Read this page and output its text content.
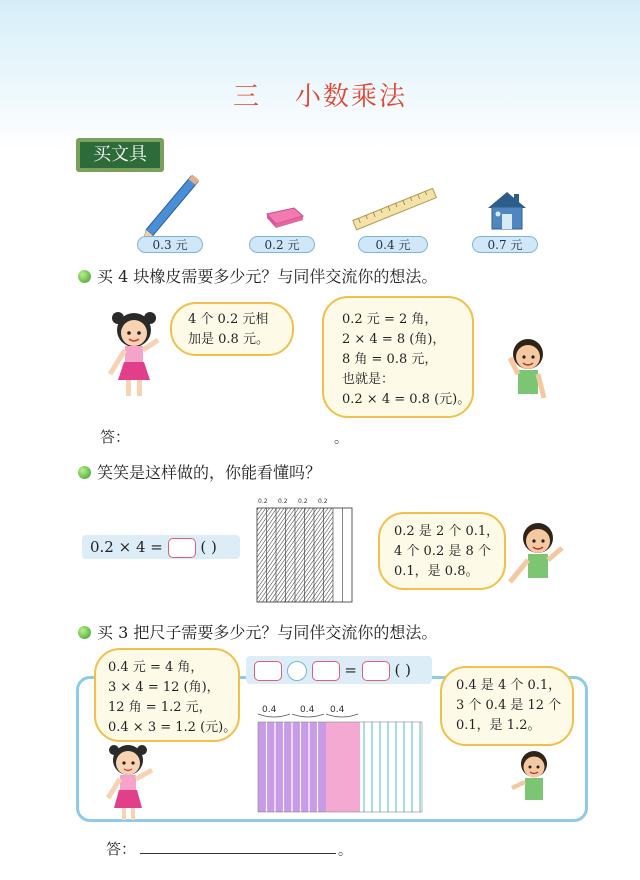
三 小数乘法
买文具
0.3 元	0.2 元	0.4 元	0.7 元
买 4 块橡皮需要多少元？与同伴交流你的想法。
4 个 0.2 元相
加是 0.8 元。
0.2 元 = 2 角，
2 × 4 = 8 (角)，
8 角 = 0.8 元，
也就是：
0.2 × 4 = 0.8 (元)。
答：	。
笑笑是这样做的，你能看懂吗？
0.2 × 4 =	( )
0.2 0.2 0.2 0.2
0.2 是 2 个 0.1，
4 个 0.2 是 8 个
0.1，是 0.8。
买 3 把尺子需要多少元？与同伴交流你的想法。
0.4 元 = 4 角，
3 × 4 = 12 (角)，
12 角 = 1.2 元，
0.4 × 3 = 1.2 (元)。
=	( )
0.4	0.4 0.4
0.4 是 4 个 0.1，
3 个 0.4 是 12 个
0.1，是 1.2。
答：	。
